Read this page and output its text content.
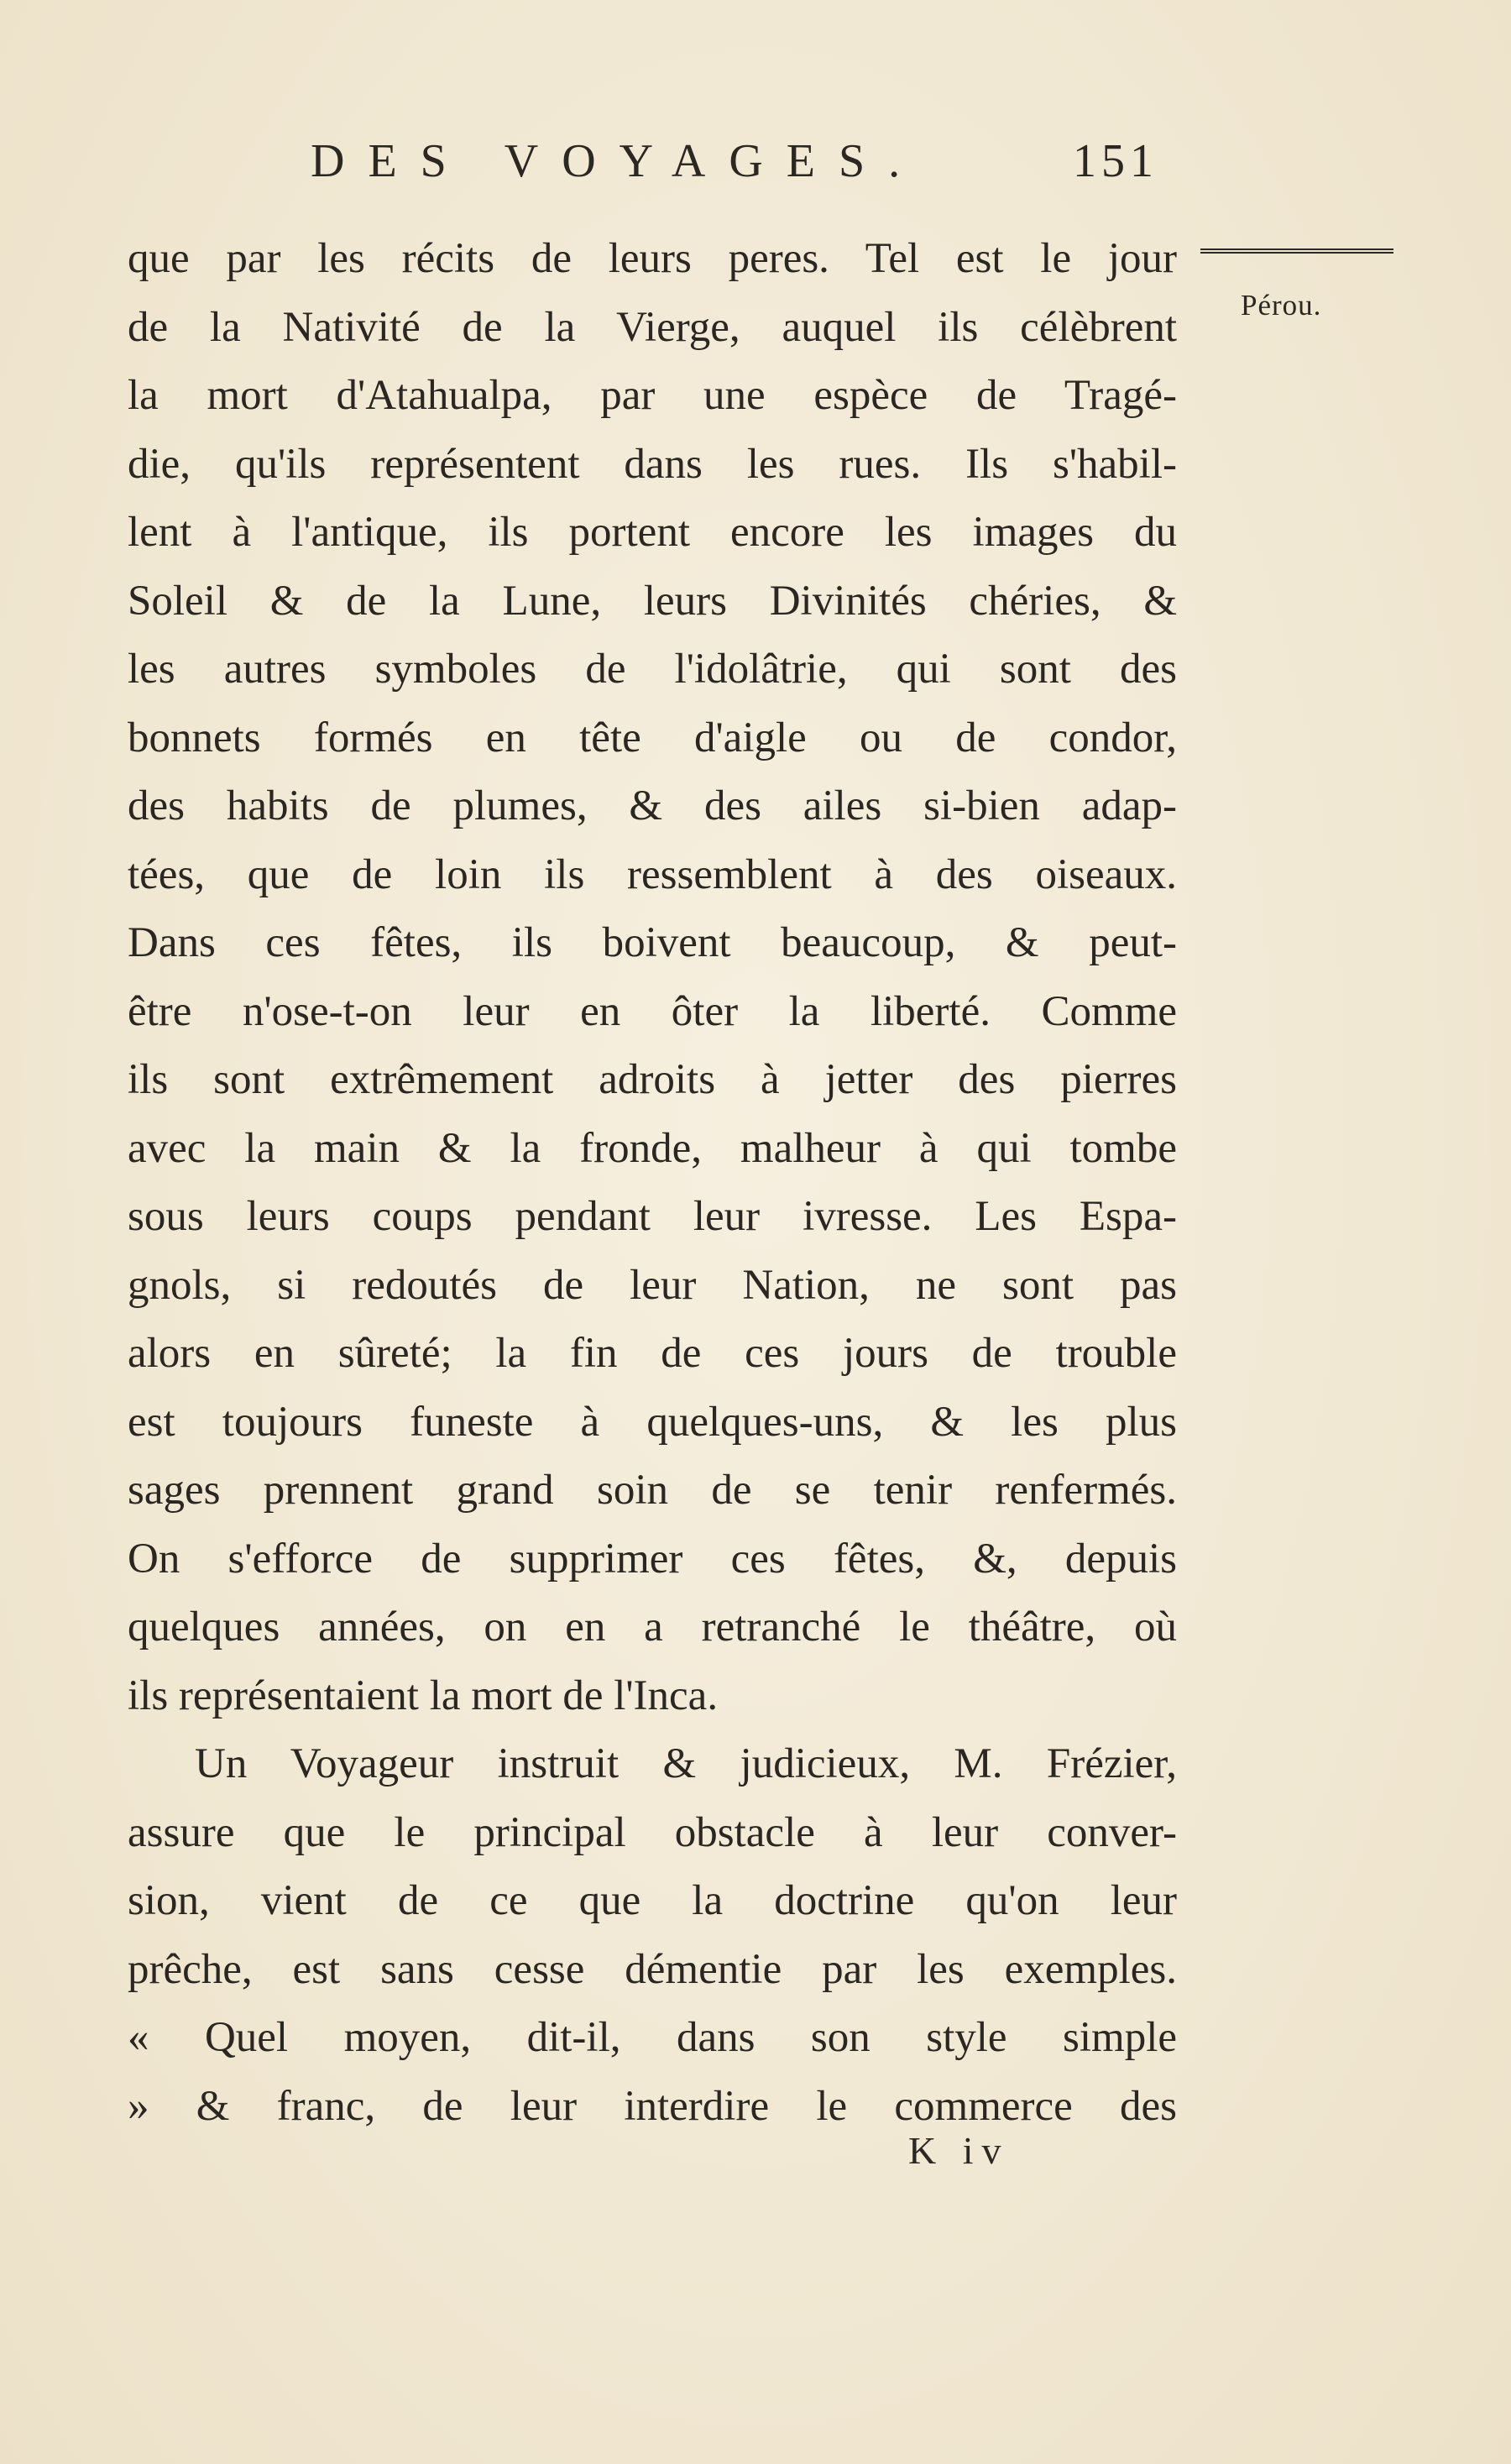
DES VOYAGES.	151
Pérou.
que par les récits de leurs peres. Tel est le jour
de la Nativité de la Vierge, auquel ils célèbrent
la mort d'Atahualpa, par une espèce de Tragé-
die, qu'ils représentent dans les rues. Ils s'habil-
lent à l'antique, ils portent encore les images du
Soleil & de la Lune, leurs Divinités chéries, &
les autres symboles de l'idolâtrie, qui sont des
bonnets formés en tête d'aigle ou de condor,
des habits de plumes, & des ailes si-bien adap-
tées, que de loin ils ressemblent à des oiseaux.
Dans ces fêtes, ils boivent beaucoup, & peut-
être n'ose-t-on leur en ôter la liberté. Comme
ils sont extrêmement adroits à jetter des pierres
avec la main & la fronde, malheur à qui tombe
sous leurs coups pendant leur ivresse. Les Espa-
gnols, si redoutés de leur Nation, ne sont pas
alors en sûreté; la fin de ces jours de trouble
est toujours funeste à quelques-uns, & les plus
sages prennent grand soin de se tenir renfermés.
On s'efforce de supprimer ces fêtes, &, depuis
quelques années, on en a retranché le théâtre, où
ils représentaient la mort de l'Inca.
Un Voyageur instruit & judicieux, M. Frézier,
assure que le principal obstacle à leur conver-
sion, vient de ce que la doctrine qu'on leur
prêche, est sans cesse démentie par les exemples.
« Quel moyen, dit-il, dans son style simple
» & franc, de leur interdire le commerce des
K iv
